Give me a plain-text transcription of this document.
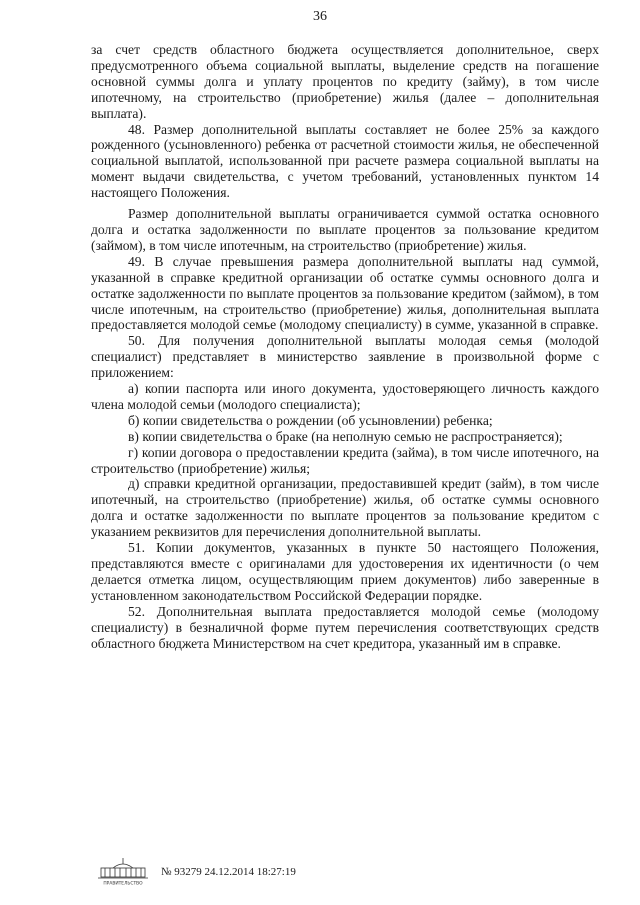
36

за счет средств областного бюджета осуществляется дополнительное, сверх предусмотренного объема социальной выплаты, выделение средств на погашение основной суммы долга и уплату процентов по кредиту (займу), в том числе ипотечному, на строительство (приобретение) жилья (далее – дополнительная выплата).

48. Размер дополнительной выплаты составляет не более 25% за каждого рожденного (усыновленного) ребенка от расчетной стоимости жилья, не обеспеченной социальной выплатой, использованной при расчете размера социальной выплаты на момент выдачи свидетельства, с учетом требований, установленных пунктом 14 настоящего Положения.

Размер дополнительной выплаты ограничивается суммой остатка основного долга и остатка задолженности по выплате процентов за пользование кредитом (займом), в том числе ипотечным, на строительство (приобретение) жилья.

49. В случае превышения размера дополнительной выплаты над суммой, указанной в справке кредитной организации об остатке суммы основного долга и остатке задолженности по выплате процентов за пользование кредитом (займом), в том числе ипотечным, на строительство (приобретение) жилья, дополнительная выплата предоставляется молодой семье (молодому специалисту) в сумме, указанной в справке.

50. Для получения дополнительной выплаты молодая семья (молодой специалист) представляет в министерство заявление в произвольной форме с приложением:

а) копии паспорта или иного документа, удостоверяющего личность каждого члена молодой семьи (молодого специалиста);

б) копии свидетельства о рождении (об усыновлении) ребенка;

в) копии свидетельства о браке (на неполную семью не распространяется);

г) копии договора о предоставлении кредита (займа), в том числе ипотечного, на строительство (приобретение) жилья;

д) справки кредитной организации, предоставившей кредит (займ), в том числе ипотечный, на строительство (приобретение) жилья, об остатке суммы основного долга и остатке задолженности по выплате процентов за пользование кредитом с указанием реквизитов для перечисления дополнительной выплаты.

51. Копии документов, указанных в пункте 50 настоящего Положения, представляются вместе с оригиналами для удостоверения их идентичности (о чем делается отметка лицом, осуществляющим прием документов) либо заверенные в установленном законодательством Российской Федерации порядке.

52. Дополнительная выплата предоставляется молодой семье (молодому специалисту) в безналичной форме путем перечисления соответствующих средств областного бюджета Министерством на счет кредитора, указанный им в справке.

ПРАВИТЕЛЬСТВО
№ 93279 24.12.2014 18:27:19
